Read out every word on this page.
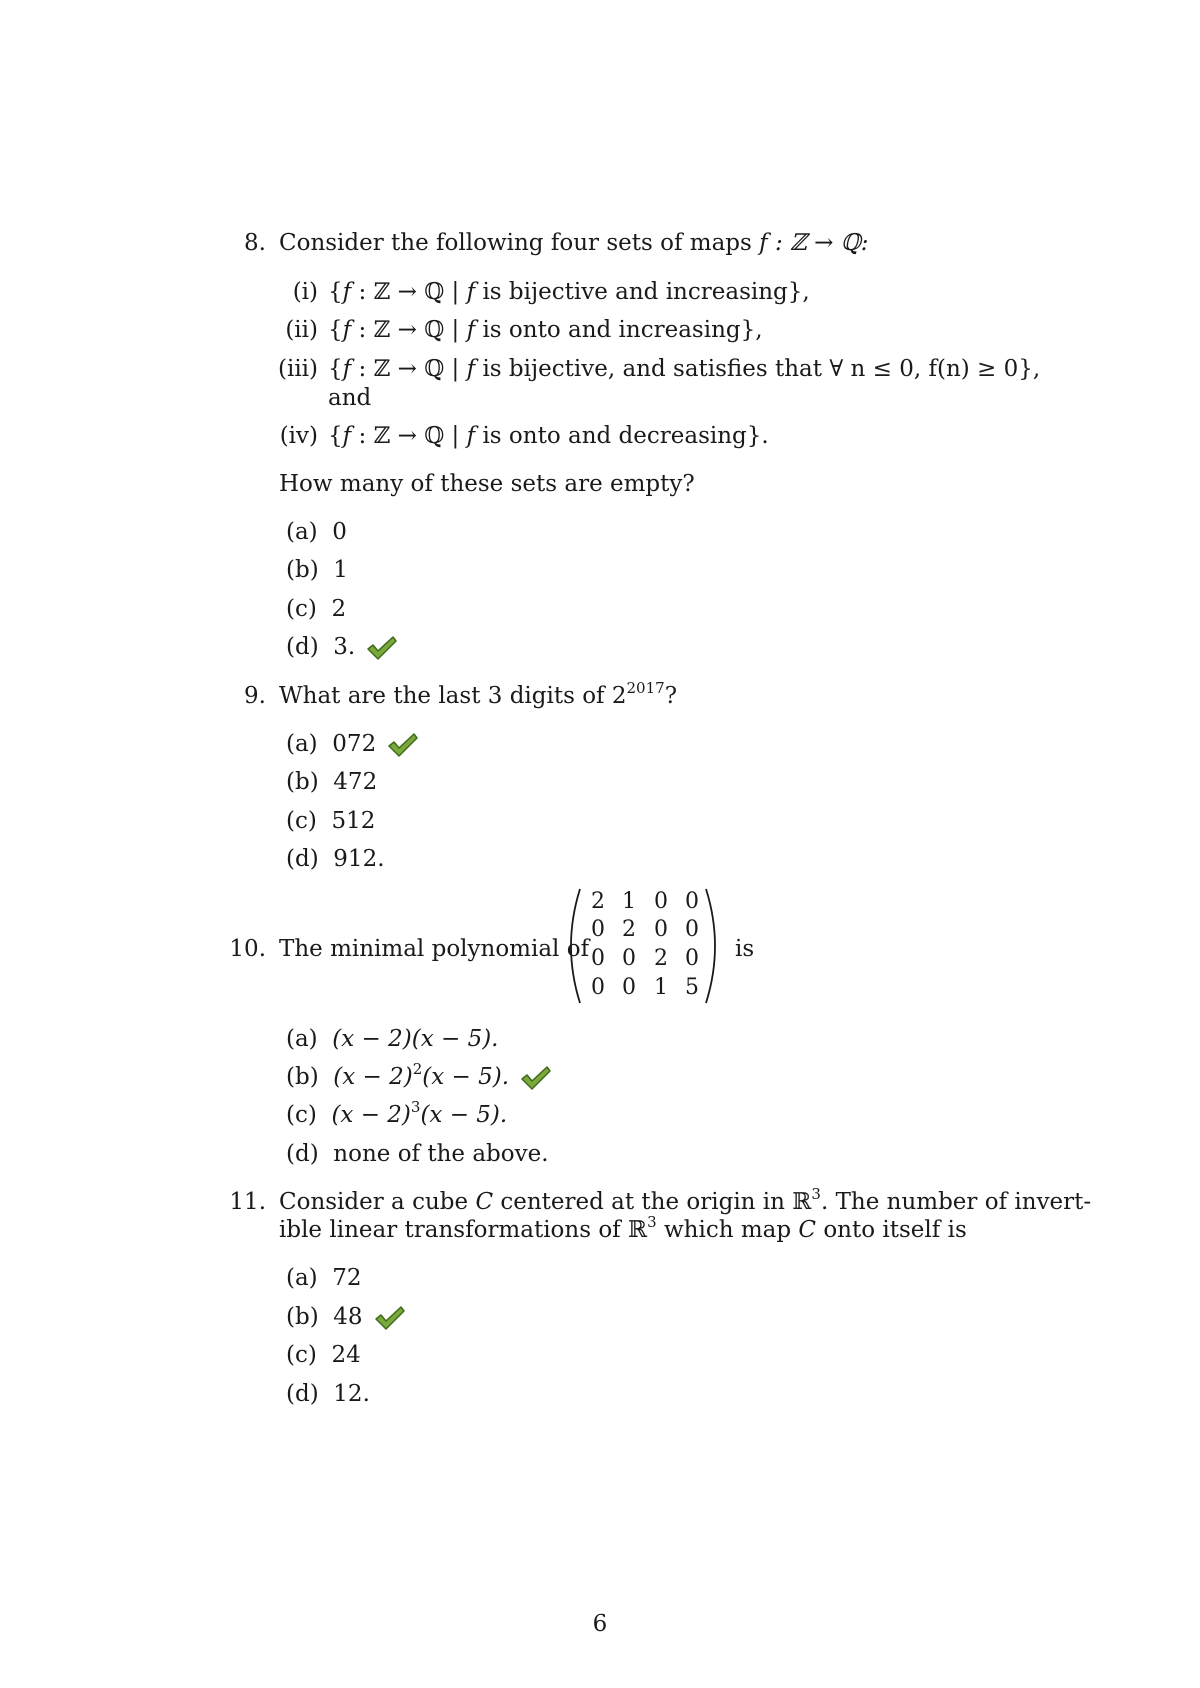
8. Consider the following four sets of maps f : ℤ → ℚ:
(i) {f : ℤ → ℚ | f is bijective and increasing},
(ii) {f : ℤ → ℚ | f is onto and increasing},
(iii) {f : ℤ → ℚ | f is bijective, and satisfies that ∀ n ≤ 0, f(n) ≥ 0},
and
(iv) {f : ℤ → ℚ | f is onto and decreasing}.
How many of these sets are empty?
(a) 0
(b) 1
(c) 2
(d) 3.
9. What are the last 3 digits of $2^{2017}$?
(a) 072
(b) 472
(c) 512
(d) 912.
10. The minimal polynomial of
2 1 0 0
0 2 0 0
0 0 2 0
0 0 1 5
is
(a) (x − 2)(x − 5).
(b) $(x - 2)^2(x - 5)$.
(c) $(x - 2)^3(x - 5)$.
(d) none of the above.
11. Consider a cube C centered at the origin in ℝ$^3$. The number of invert-
ible linear transformations of ℝ$^3$ which map C onto itself is
(a) 72
(b) 48
(c) 24
(d) 12.
6
